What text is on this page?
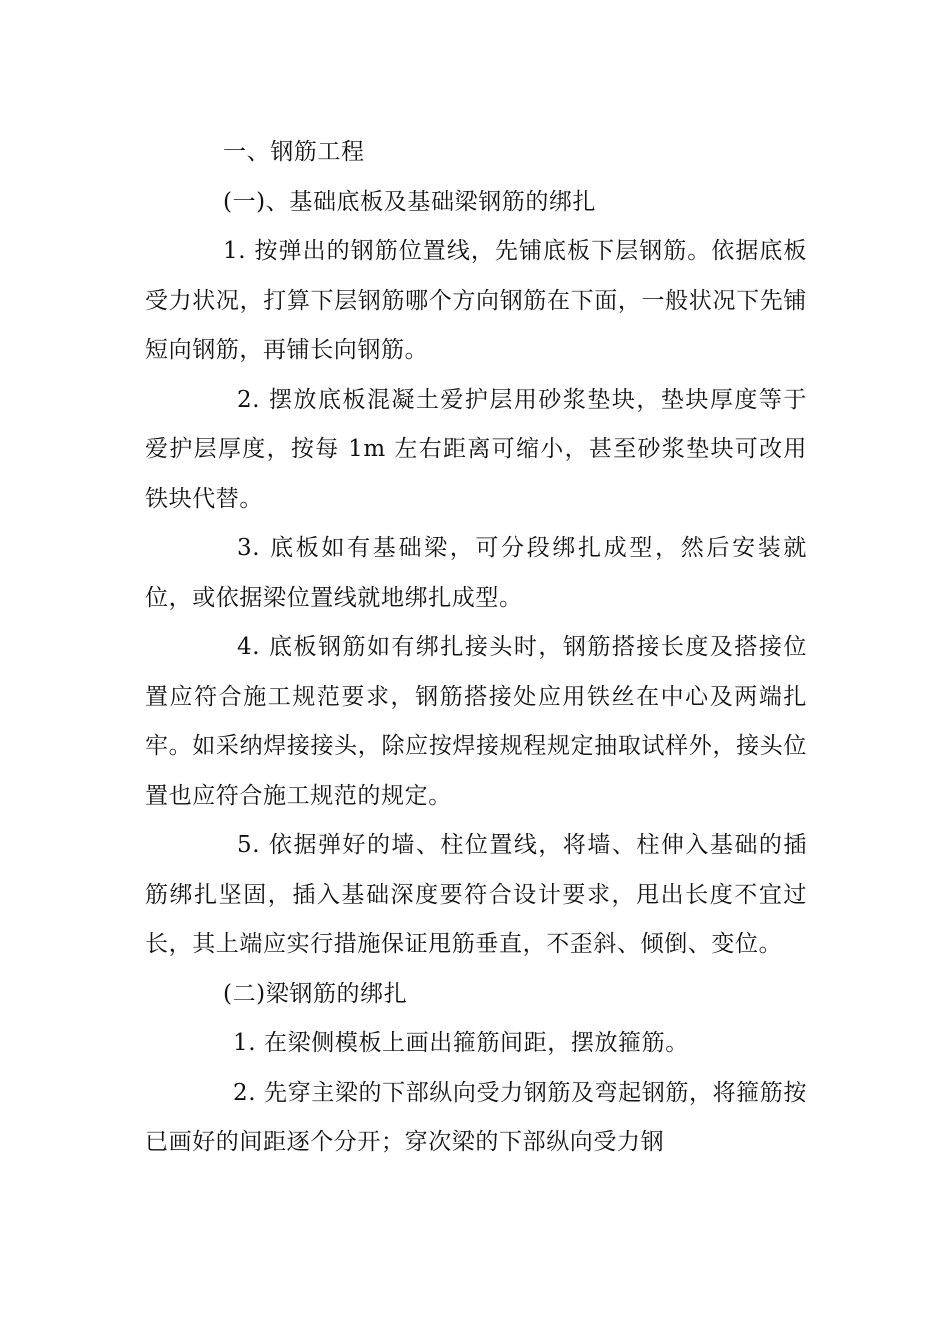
一、钢筋工程

(一)、基础底板及基础梁钢筋的绑扎

1. 按弹出的钢筋位置线，先铺底板下层钢筋。依据底板受力状况，打算下层钢筋哪个方向钢筋在下面，一般状况下先铺短向钢筋，再铺长向钢筋。

2. 摆放底板混凝土爱护层用砂浆垫块，垫块厚度等于爱护层厚度，按每 1m 左右距离可缩小，甚至砂浆垫块可改用铁块代替。

3. 底板如有基础梁，可分段绑扎成型，然后安装就位，或依据梁位置线就地绑扎成型。

4. 底板钢筋如有绑扎接头时，钢筋搭接长度及搭接位置应符合施工规范要求，钢筋搭接处应用铁丝在中心及两端扎牢。如采纳焊接接头，除应按焊接规程规定抽取试样外，接头位置也应符合施工规范的规定。

5. 依据弹好的墙、柱位置线，将墙、柱伸入基础的插筋绑扎坚固，插入基础深度要符合设计要求，甩出长度不宜过长，其上端应实行措施保证甩筋垂直，不歪斜、倾倒、变位。

(二)梁钢筋的绑扎

1. 在梁侧模板上画出箍筋间距，摆放箍筋。

2. 先穿主梁的下部纵向受力钢筋及弯起钢筋，将箍筋按已画好的间距逐个分开；穿次梁的下部纵向受力钢
